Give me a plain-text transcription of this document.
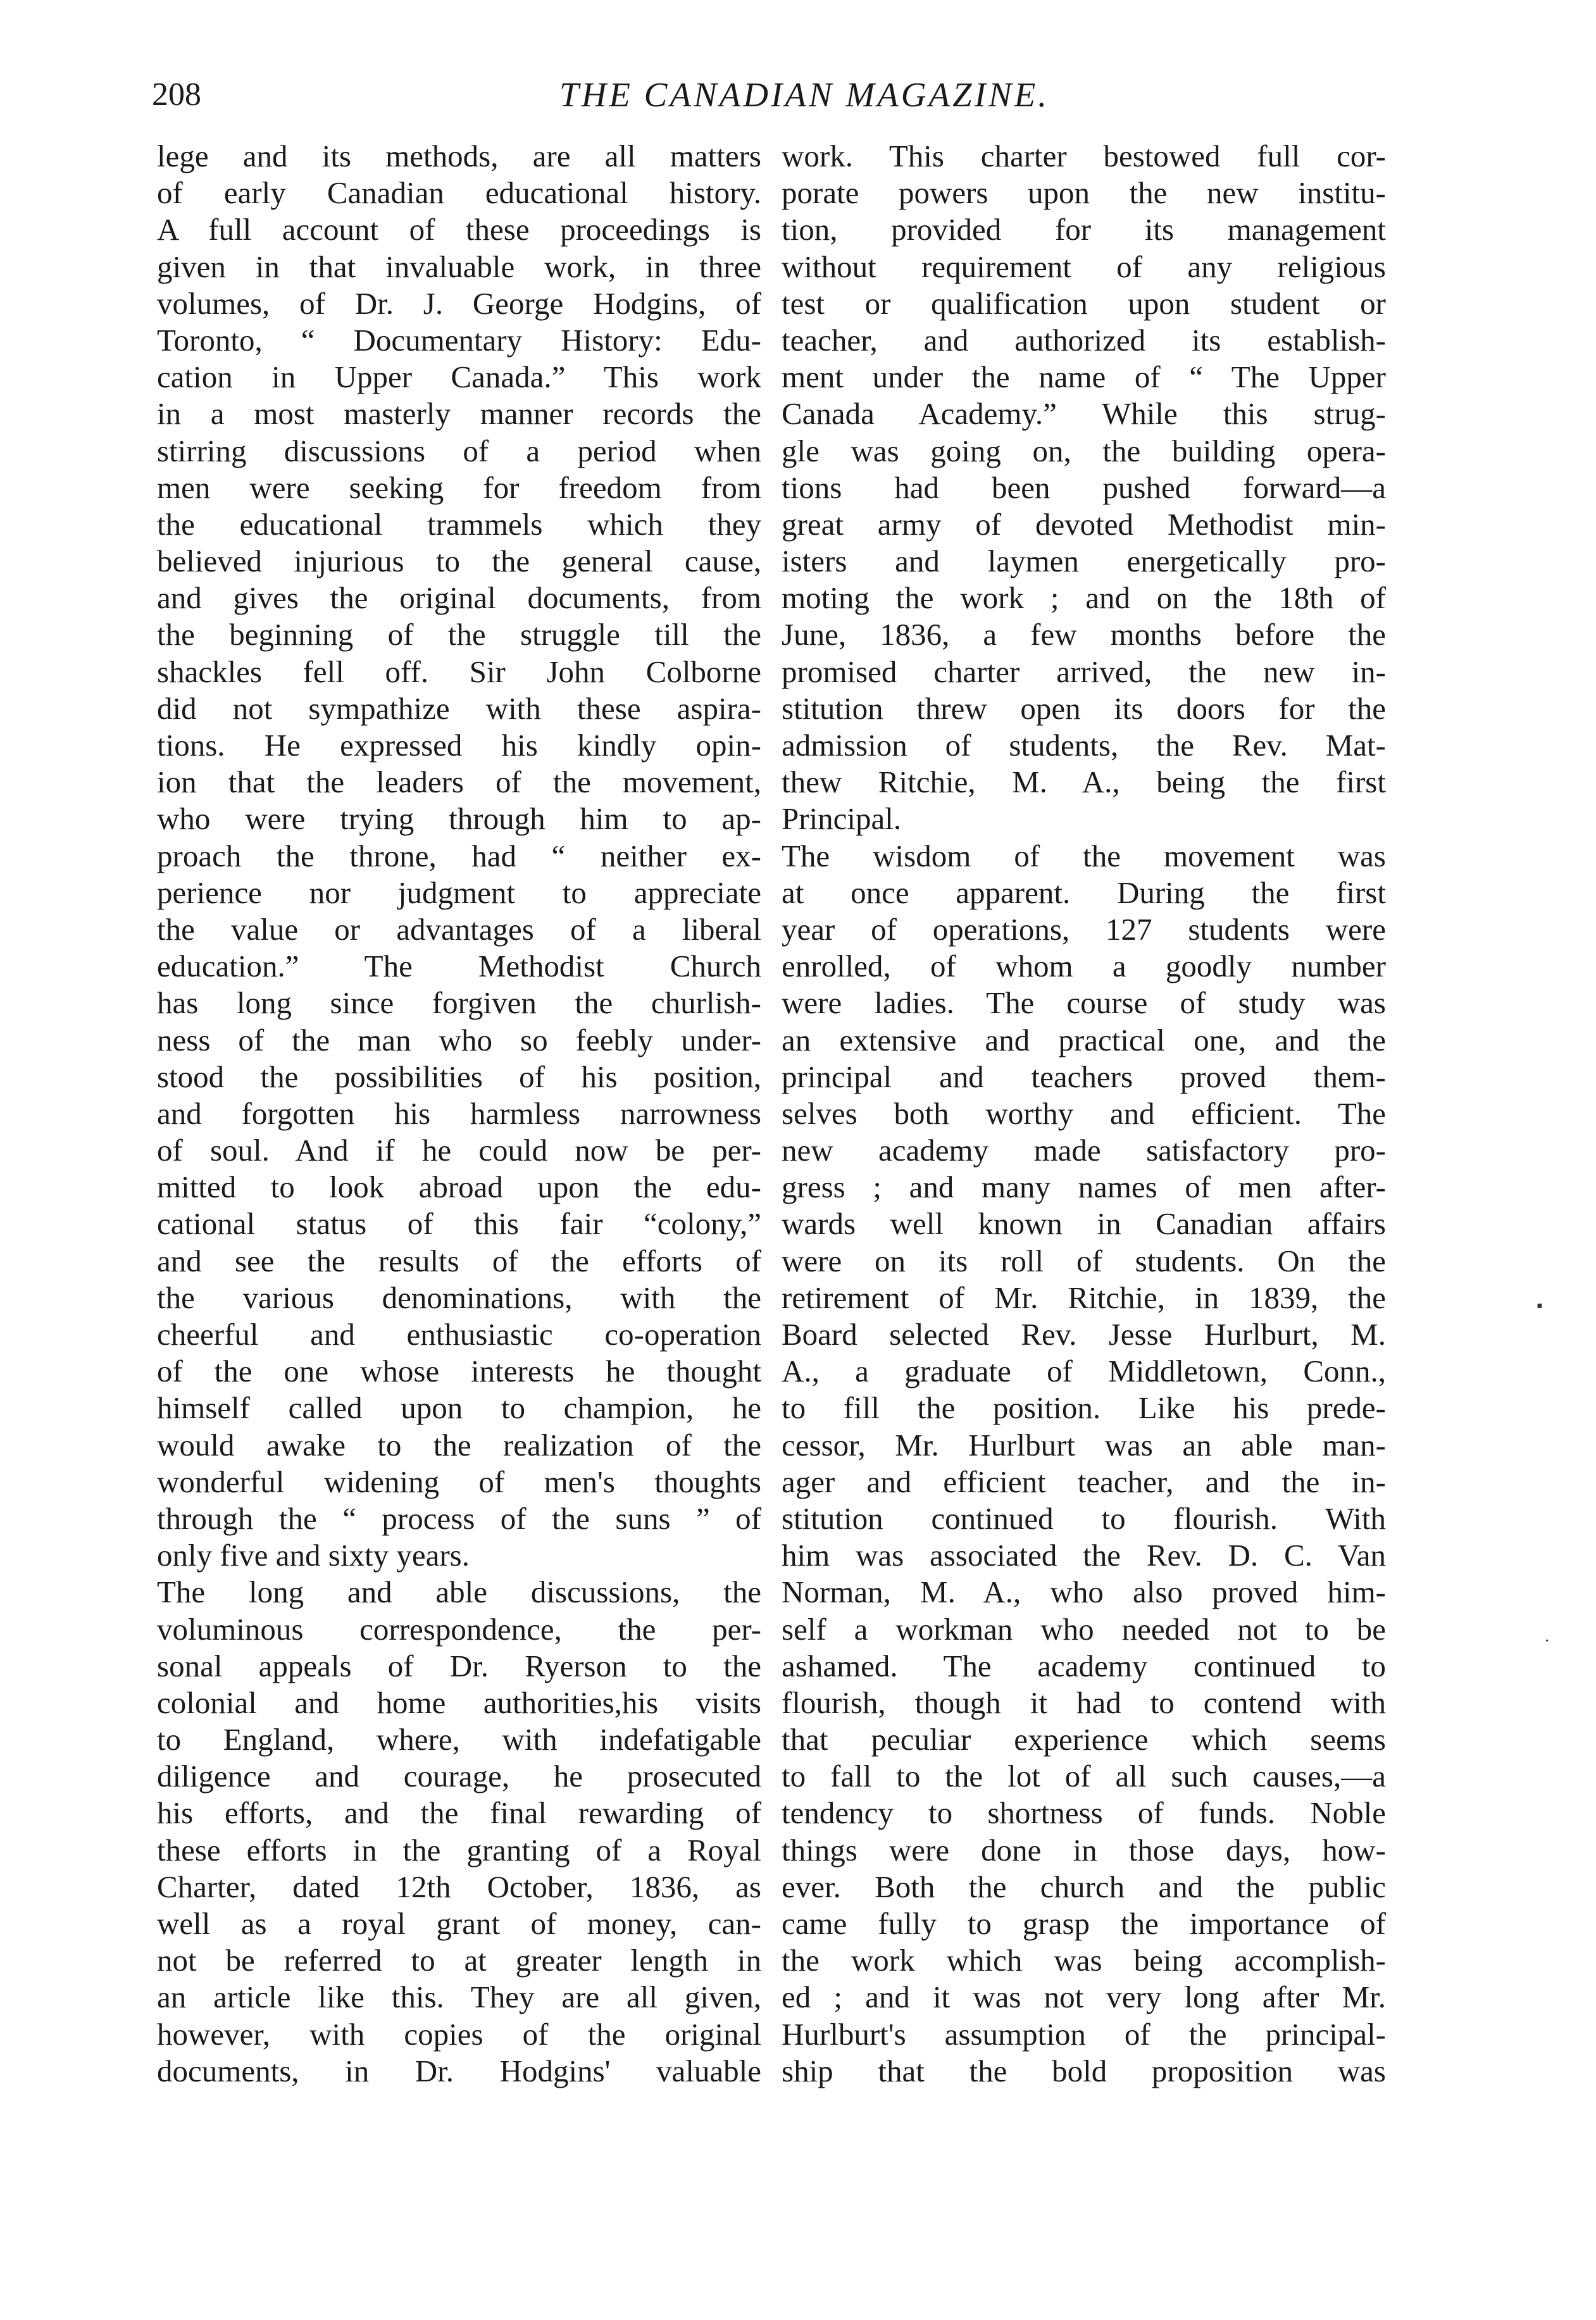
208	THE CANADIAN MAGAZINE.
lege and its methods, are all matters
of early Canadian educational history.
A full account of these proceedings is
given in that invaluable work, in three
volumes, of Dr. J. George Hodgins, of
Toronto, “ Documentary History: Edu-
cation in Upper Canada.” This work
in a most masterly manner records the
stirring discussions of a period when
men were seeking for freedom from
the educational trammels which they
believed injurious to the general cause,
and gives the original documents, from
the beginning of the struggle till the
shackles fell off. Sir John Colborne
did not sympathize with these aspira-
tions. He expressed his kindly opin-
ion that the leaders of the movement,
who were trying through him to ap-
proach the throne, had “ neither ex-
perience nor judgment to appreciate
the value or advantages of a liberal
education.” The Methodist Church
has long since forgiven the churlish-
ness of the man who so feebly under-
stood the possibilities of his position,
and forgotten his harmless narrowness
of soul. And if he could now be per-
mitted to look abroad upon the edu-
cational status of this fair “colony,”
and see the results of the efforts of
the various denominations, with the
cheerful and enthusiastic co-operation
of the one whose interests he thought
himself called upon to champion, he
would awake to the realization of the
wonderful widening of men's thoughts
through the “ process of the suns ” of
only five and sixty years.
The long and able discussions, the
voluminous correspondence, the per-
sonal appeals of Dr. Ryerson to the
colonial and home authorities,his visits
to England, where, with indefatigable
diligence and courage, he prosecuted
his efforts, and the final rewarding of
these efforts in the granting of a Royal
Charter, dated 12th October, 1836, as
well as a royal grant of money, can-
not be referred to at greater length in
an article like this. They are all given,
however, with copies of the original
documents, in Dr. Hodgins' valuable
work. This charter bestowed full cor-
porate powers upon the new institu-
tion, provided for its management
without requirement of any religious
test or qualification upon student or
teacher, and authorized its establish-
ment under the name of “ The Upper
Canada Academy.” While this strug-
gle was going on, the building opera-
tions had been pushed forward—a
great army of devoted Methodist min-
isters and laymen energetically pro-
moting the work ; and on the 18th of
June, 1836, a few months before the
promised charter arrived, the new in-
stitution threw open its doors for the
admission of students, the Rev. Mat-
thew Ritchie, M. A., being the first
Principal.
The wisdom of the movement was
at once apparent. During the first
year of operations, 127 students were
enrolled, of whom a goodly number
were ladies. The course of study was
an extensive and practical one, and the
principal and teachers proved them-
selves both worthy and efficient. The
new academy made satisfactory pro-
gress ; and many names of men after-
wards well known in Canadian affairs
were on its roll of students. On the
retirement of Mr. Ritchie, in 1839, the
Board selected Rev. Jesse Hurlburt, M.
A., a graduate of Middletown, Conn.,
to fill the position. Like his prede-
cessor, Mr. Hurlburt was an able man-
ager and efficient teacher, and the in-
stitution continued to flourish. With
him was associated the Rev. D. C. Van
Norman, M. A., who also proved him-
self a workman who needed not to be
ashamed. The academy continued to
flourish, though it had to contend with
that peculiar experience which seems
to fall to the lot of all such causes,—a
tendency to shortness of funds. Noble
things were done in those days, how-
ever. Both the church and the public
came fully to grasp the importance of
the work which was being accomplish-
ed ; and it was not very long after Mr.
Hurlburt's assumption of the principal-
ship that the bold proposition was
▪
·
